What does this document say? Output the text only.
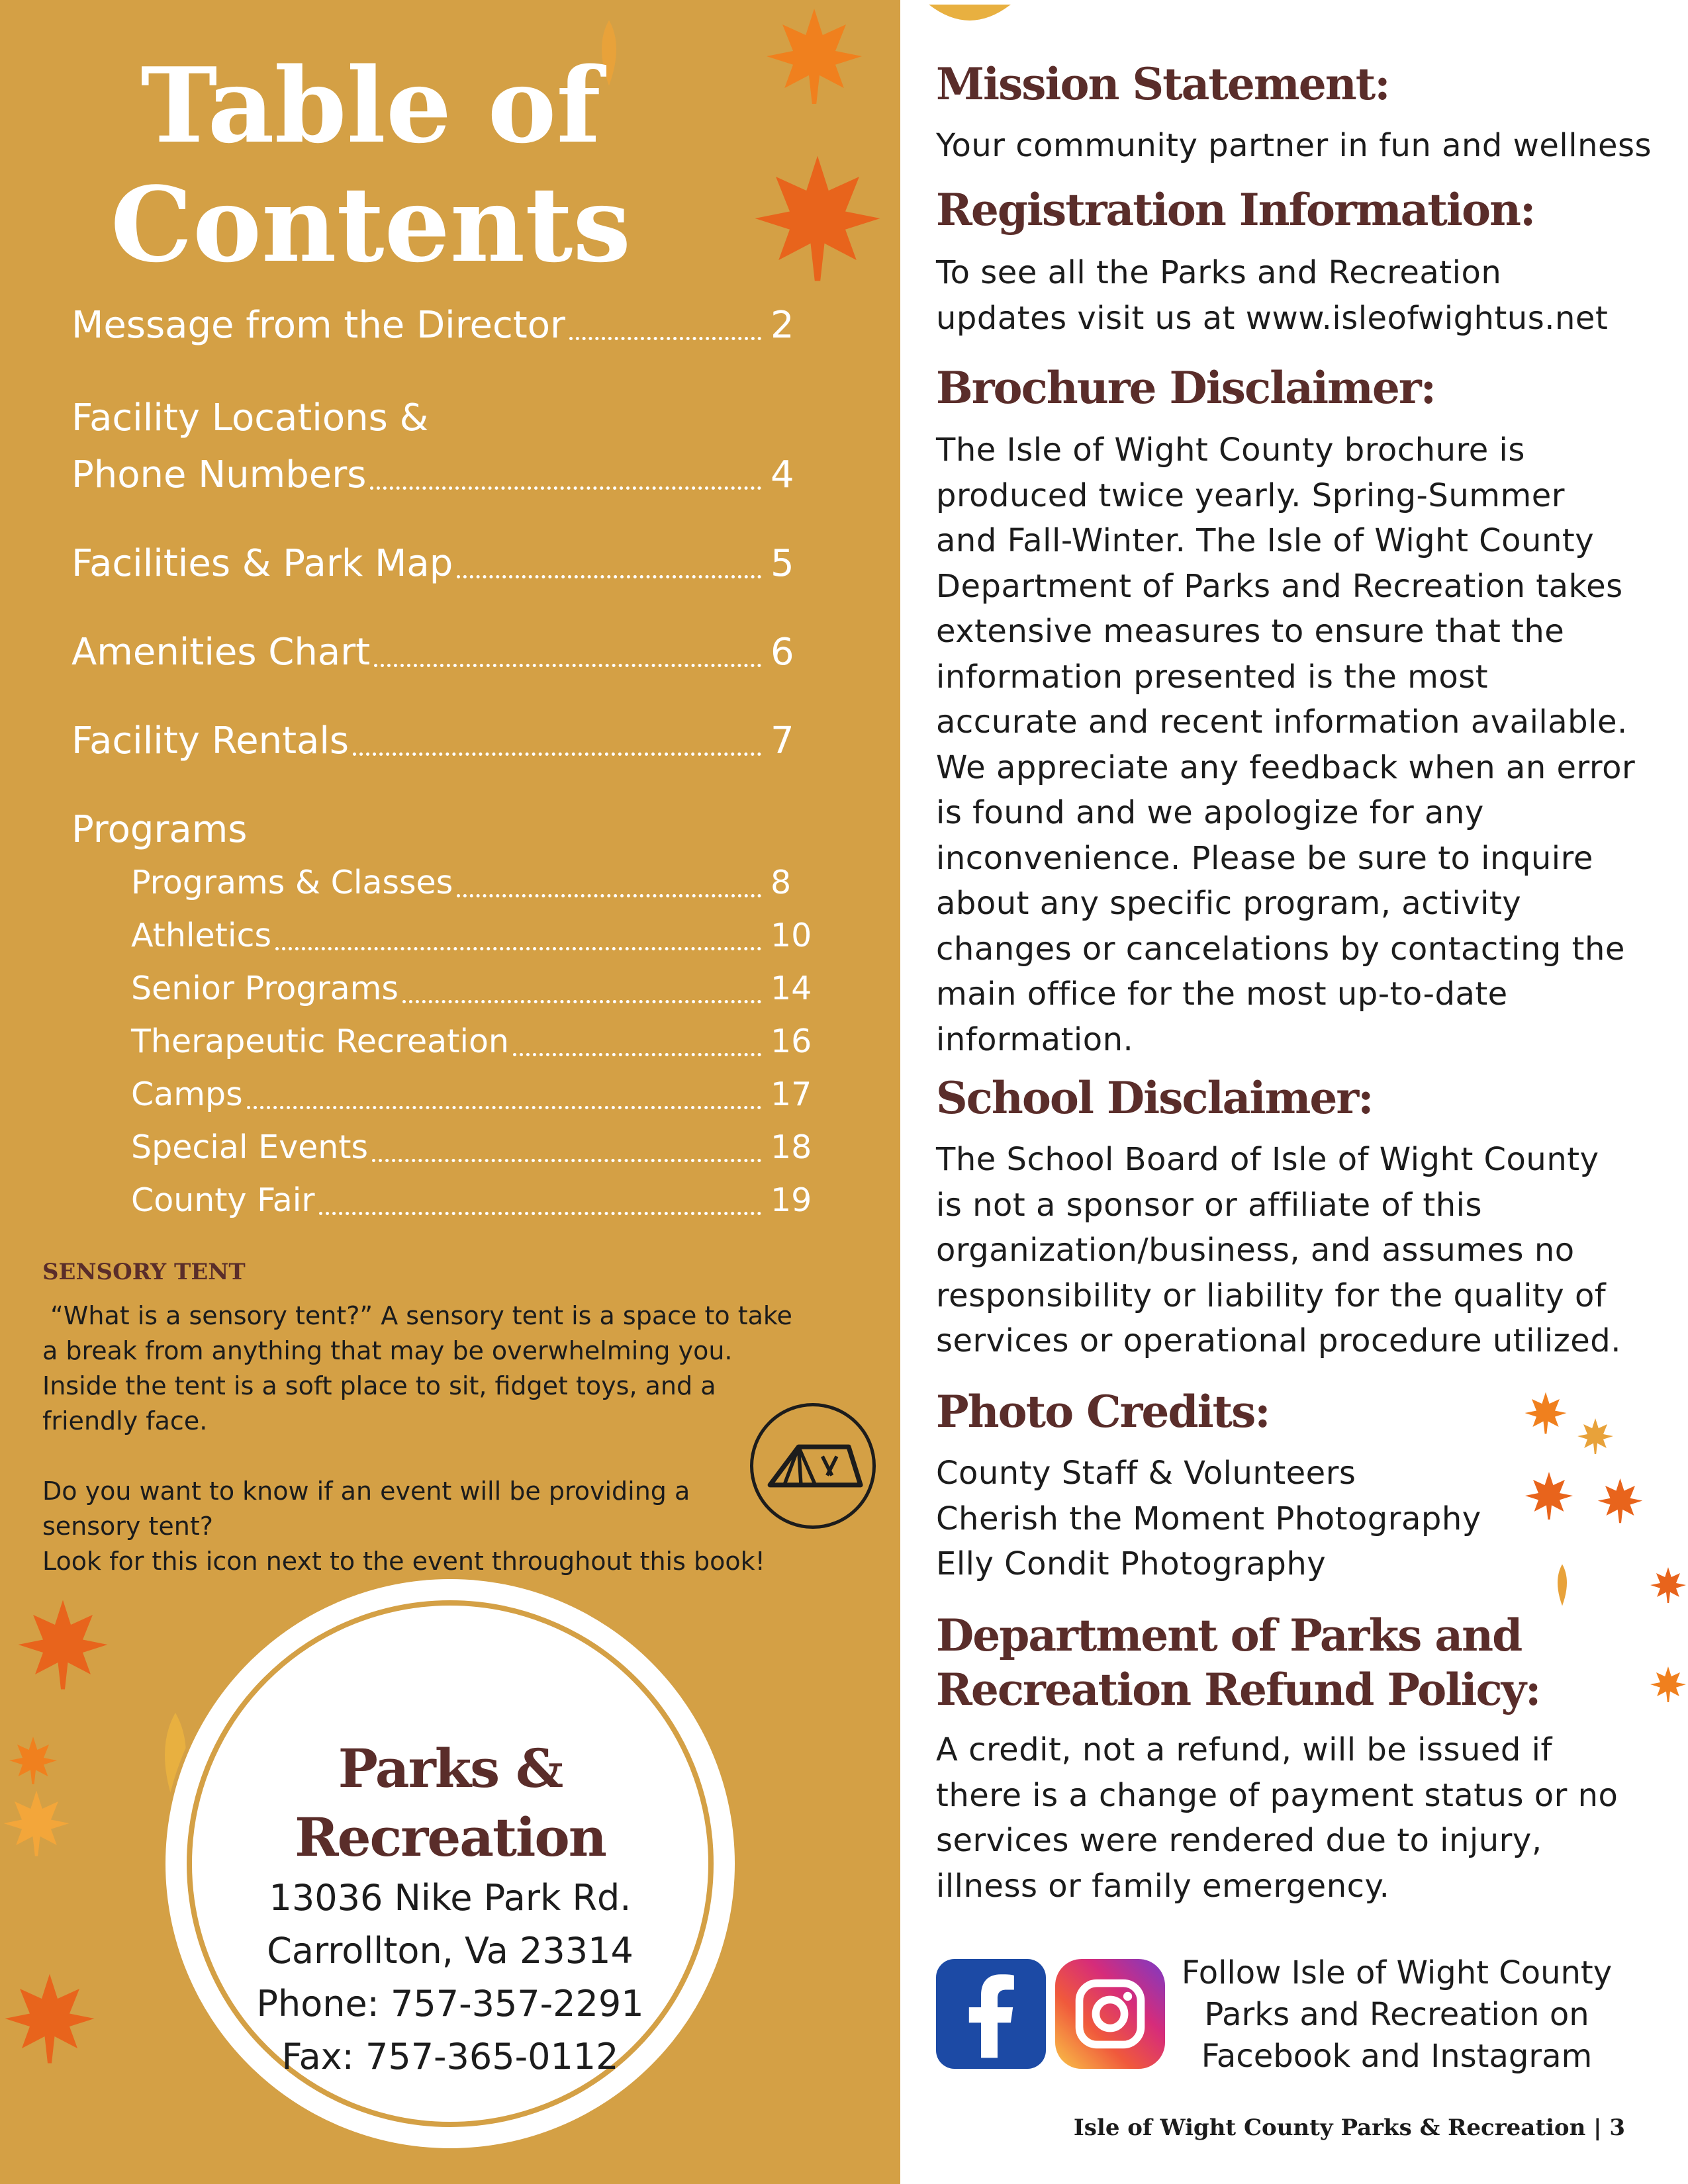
Table of
Contents
Message from the Director	2
Facility Locations &
Phone Numbers	4
Facilities & Park Map	5
Amenities Chart	6
Facility Rentals	7
Programs
Programs & Classes	8
Athletics	10
Senior Programs	14
Therapeutic Recreation	16
Camps	17
Special Events	18
County Fair	19
SENSORY TENT
“What is a sensory tent?” A sensory tent is a space to take
a break from anything that may be overwhelming you.
Inside the tent is a soft place to sit, fidget toys, and a
friendly face.

Do you want to know if an event will be providing a
sensory tent?
Look for this icon next to the event throughout this book!
Parks & Recreation
13036 Nike Park Rd.
Carrollton, Va 23314
Phone: 757-357-2291
Fax: 757-365-0112
Mission Statement:
Your community partner in fun and wellness
Registration Information:
To see all the Parks and Recreation
updates visit us at www.isleofwightus.net
Brochure Disclaimer:
The Isle of Wight County brochure is
produced twice yearly. Spring-Summer
and Fall-Winter. The Isle of Wight County
Department of Parks and Recreation takes
extensive measures to ensure that the
information presented is the most
accurate and recent information available.
We appreciate any feedback when an error
is found and we apologize for any
inconvenience. Please be sure to inquire
about any specific program, activity
changes or cancelations by contacting the
main office for the most up-to-date
information.
School Disclaimer:
The School Board of Isle of Wight County
is not a sponsor or affiliate of this
organization/business, and assumes no
responsibility or liability for the quality of
services or operational procedure utilized.
Photo Credits:
County Staff & Volunteers
Cherish the Moment Photography
Elly Condit Photography
Department of Parks and
Recreation Refund Policy:
A credit, not a refund, will be issued if
there is a change of payment status or no
services were rendered due to injury,
illness or family emergency.
Follow Isle of Wight County
Parks and Recreation on
Facebook and Instagram
Isle of Wight County Parks & Recreation | 3
